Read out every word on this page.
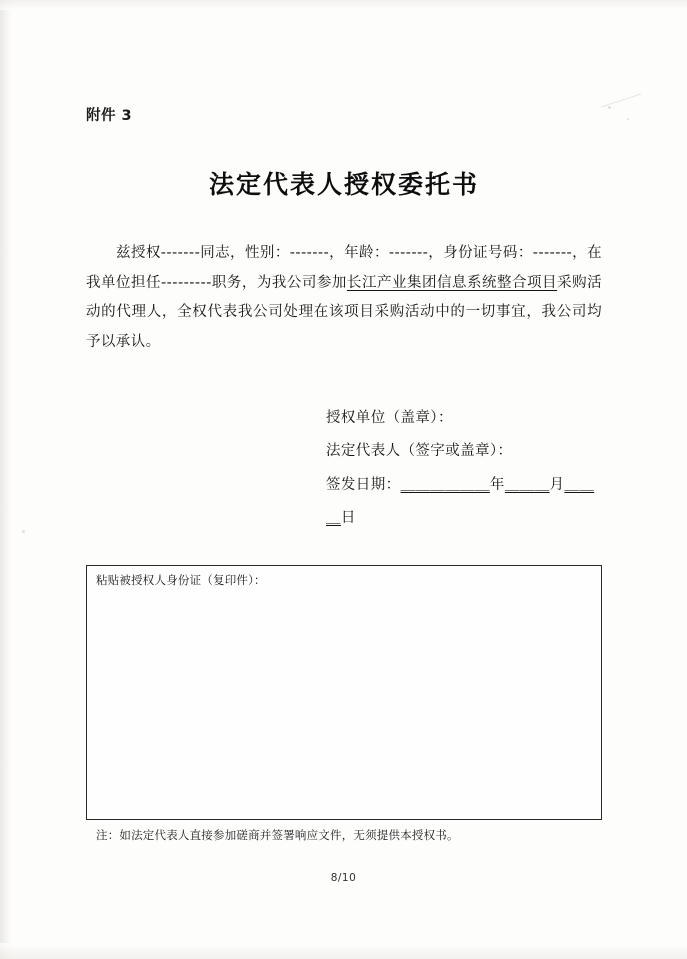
附件 3
法定代表人授权委托书
兹授权-------同志，性别：-------，年龄：-------，身份证号码：-------，在我单位担任---------职务，为我公司参加长江产业集团信息系统整合项目采购活动的代理人，全权代表我公司处理在该项目采购活动中的一切事宜，我公司均予以承认。
授权单位（盖章）：
法定代表人（签字或盖章）：
签发日期：＿＿＿＿＿＿年＿＿＿月＿＿＿日
粘贴被授权人身份证（复印件）：
注：如法定代表人直接参加磋商并签署响应文件，无须提供本授权书。
8/10
